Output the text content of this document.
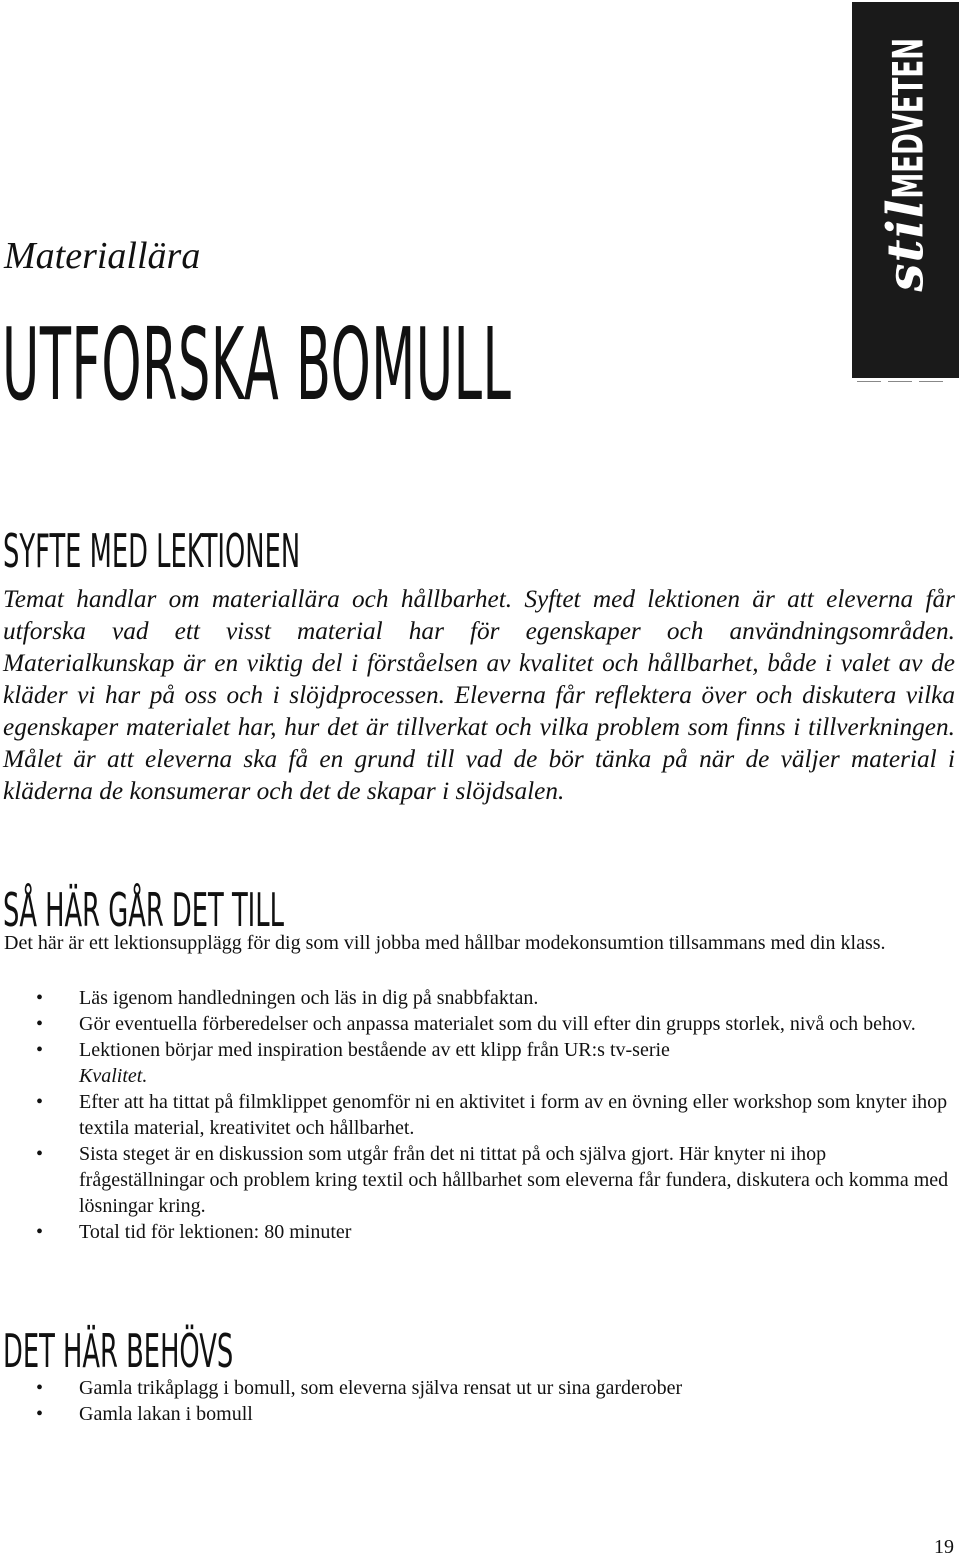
stil
MEDVETEN
Materiallära
UTFORSKA BOMULL
SYFTE MED LEKTIONEN

Temat handlar om materiallära och hållbarhet. Syftet med lektionen är att eleverna får utforska vad ett visst material har för egenskaper och användningsområden. Materialkunskap är en viktig del i förståelsen av kvalitet och hållbarhet, både i valet av de kläder vi har på oss och i slöjdprocessen. Eleverna får reflektera över och diskutera vilka egenskaper materialet har, hur det är tillverkat och vilka problem som finns i tillverkningen. Målet är att eleverna ska få en grund till vad de bör tänka på när de väljer material i kläderna de konsumerar och det de skapar i slöjdsalen.

SÅ HÄR GÅR DET TILL

Det här är ett lektionsupplägg för dig som vill jobba med hållbar modekonsumtion tillsammans med din klass.

• Läs igenom handledningen och läs in dig på snabbfaktan.
• Gör eventuella förberedelser och anpassa materialet som du vill efter din grupps storlek, nivå och behov.
• Lektionen börjar med inspiration bestående av ett klipp från UR:s tv-serie
Kvalitet.
• Efter att ha tittat på filmklippet genomför ni en aktivitet i form av en övning eller workshop som knyter ihop textila material, kreativitet och hållbarhet.
• Sista steget är en diskussion som utgår från det ni tittat på och själva gjort. Här knyter ni ihop frågeställningar och problem kring textil och hållbarhet som eleverna får fundera, diskutera och komma med lösningar kring.
• Total tid för lektionen: 80 minuter
DET HÄR BEHÖVS
• Gamla trikåplagg i bomull, som eleverna själva rensat ut ur sina garderober
• Gamla lakan i bomull
19
